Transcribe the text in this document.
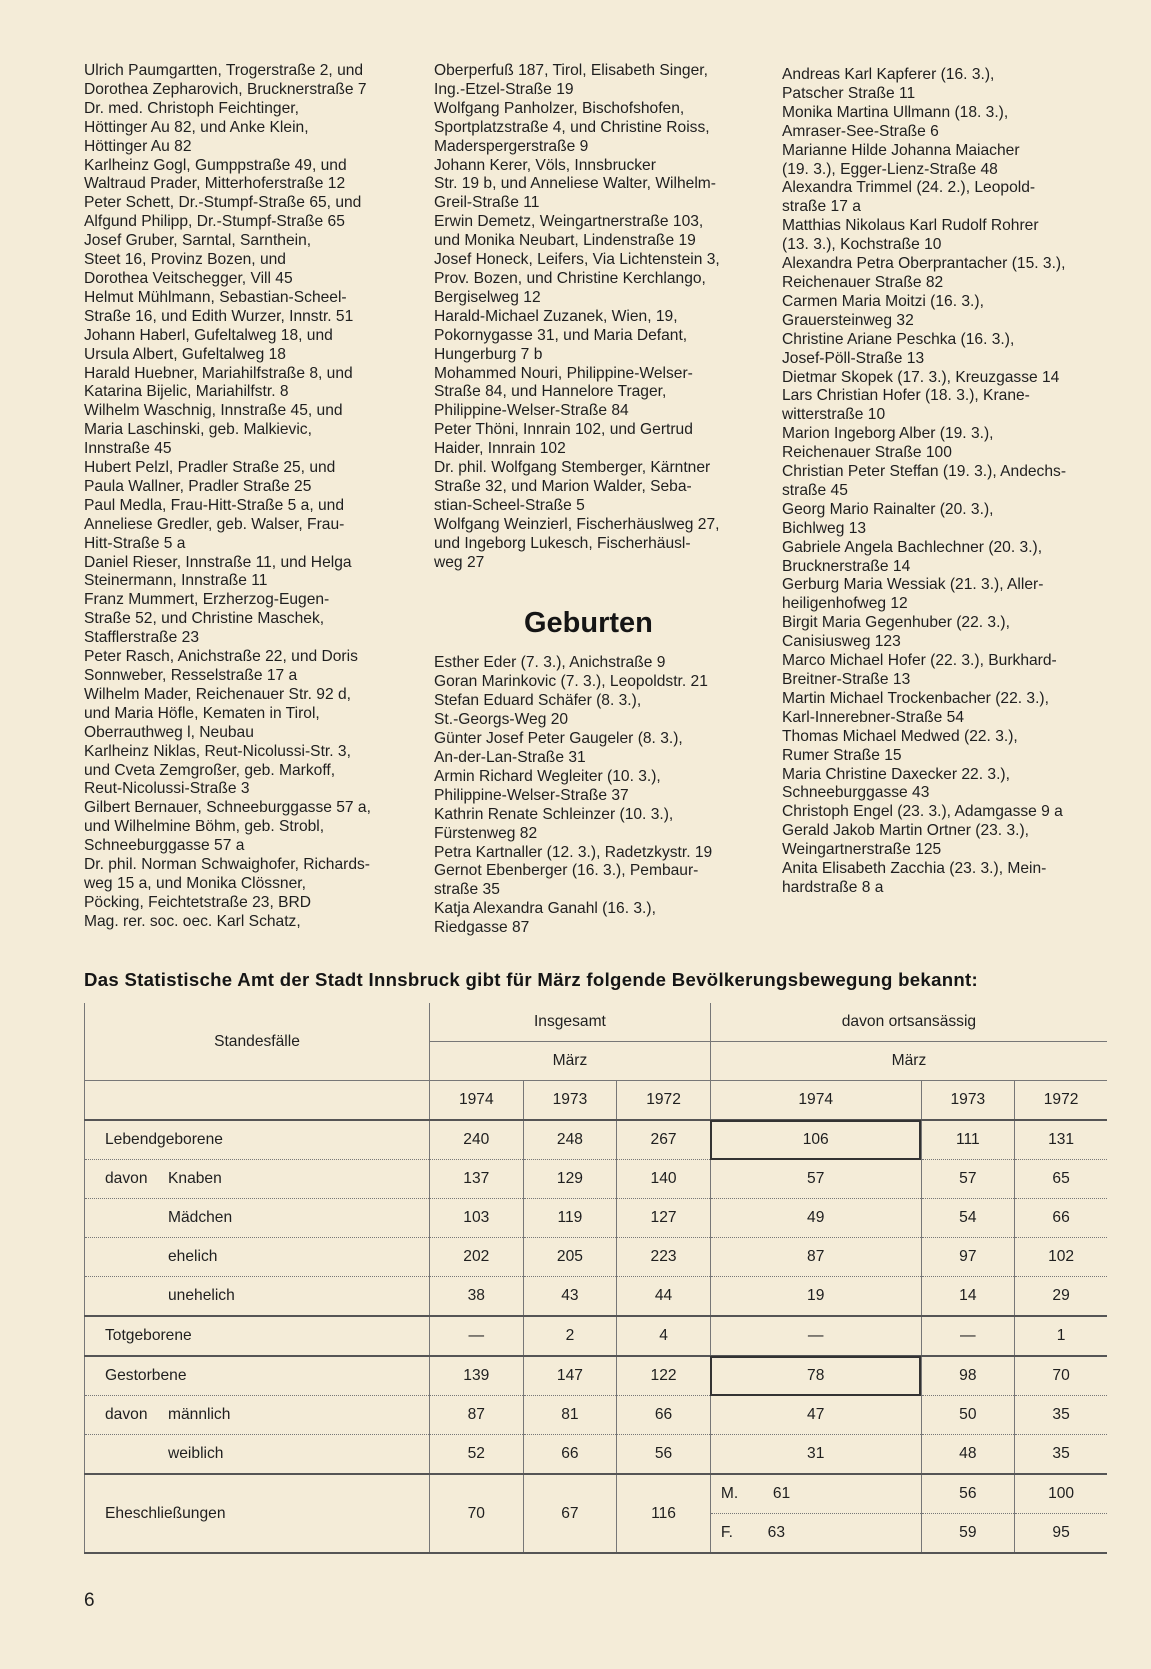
Ulrich Paumgartten, Trogerstraße 2, und
Dorothea Zepharovich, Brucknerstraße 7

Dr. med. Christoph Feichtinger,
Höttinger Au 82, und Anke Klein,
Höttinger Au 82

Karlheinz Gogl, Gumppstraße 49, und
Waltraud Prader, Mitterhoferstraße 12

Peter Schett, Dr.-Stumpf-Straße 65, und
Alfgund Philipp, Dr.-Stumpf-Straße 65

Josef Gruber, Sarntal, Sarnthein,
Steet 16, Provinz Bozen, und
Dorothea Veitschegger, Vill 45

Helmut Mühlmann, Sebastian-Scheel-
Straße 16, und Edith Wurzer, Innstr. 51

Johann Haberl, Gufeltalweg 18, und
Ursula Albert, Gufeltalweg 18

Harald Huebner, Mariahilfstraße 8, und
Katarina Bijelic, Mariahilfstr. 8

Wilhelm Waschnig, Innstraße 45, und
Maria Laschinski, geb. Malkievic,
Innstraße 45

Hubert Pelzl, Pradler Straße 25, und
Paula Wallner, Pradler Straße 25

Paul Medla, Frau-Hitt-Straße 5 a, und
Anneliese Gredler, geb. Walser, Frau-
Hitt-Straße 5 a

Daniel Rieser, Innstraße 11, und Helga
Steinermann, Innstraße 11

Franz Mummert, Erzherzog-Eugen-
Straße 52, und Christine Maschek,
Stafflerstraße 23

Peter Rasch, Anichstraße 22, und Doris
Sonnweber, Resselstraße 17 a

Wilhelm Mader, Reichenauer Str. 92 d,
und Maria Höfle, Kematen in Tirol,
Oberrauthweg l, Neubau

Karlheinz Niklas, Reut-Nicolussi-Str. 3,
und Cveta Zemgroßer, geb. Markoff,
Reut-Nicolussi-Straße 3

Gilbert Bernauer, Schneeburggasse 57 a,
und Wilhelmine Böhm, geb. Strobl,
Schneeburggasse 57 a

Dr. phil. Norman Schwaighofer, Richards-
weg 15 a, und Monika Clössner,
Pöcking, Feichtetstraße 23, BRD

Mag. rer. soc. oec. Karl Schatz,

Oberperfuß 187, Tirol, Elisabeth Singer,
Ing.-Etzel-Straße 19

Wolfgang Panholzer, Bischofshofen,
Sportplatzstraße 4, und Christine Roiss,
Maderspergerstraße 9

Johann Kerer, Völs, Innsbrucker
Str. 19 b, und Anneliese Walter, Wilhelm-
Greil-Straße 11

Erwin Demetz, Weingartnerstraße 103,
und Monika Neubart, Lindenstraße 19

Josef Honeck, Leifers, Via Lichtenstein 3,
Prov. Bozen, und Christine Kerchlango,
Bergiselweg 12

Harald-Michael Zuzanek, Wien, 19,
Pokornygasse 31, und Maria Defant,
Hungerburg 7 b

Mohammed Nouri, Philippine-Welser-
Straße 84, und Hannelore Trager,
Philippine-Welser-Straße 84

Peter Thöni, Innrain 102, und Gertrud
Haider, Innrain 102

Dr. phil. Wolfgang Stemberger, Kärntner
Straße 32, und Marion Walder, Seba-
stian-Scheel-Straße 5

Wolfgang Weinzierl, Fischerhäuslweg 27,
und Ingeborg Lukesch, Fischerhäusl-
weg 27

Geburten

Esther Eder (7. 3.), Anichstraße 9

Goran Marinkovic (7. 3.), Leopoldstr. 21

Stefan Eduard Schäfer (8. 3.),
St.-Georgs-Weg 20

Günter Josef Peter Gaugeler (8. 3.),
An-der-Lan-Straße 31

Armin Richard Wegleiter (10. 3.),
Philippine-Welser-Straße 37

Kathrin Renate Schleinzer (10. 3.),
Fürstenweg 82

Petra Kartnaller (12. 3.), Radetzkystr. 19

Gernot Ebenberger (16. 3.), Pembaur-
straße 35

Katja Alexandra Ganahl (16. 3.),
Riedgasse 87

Andreas Karl Kapferer (16. 3.),
Patscher Straße 11

Monika Martina Ullmann (18. 3.),
Amraser-See-Straße 6

Marianne Hilde Johanna Maiacher
(19. 3.), Egger-Lienz-Straße 48

Alexandra Trimmel (24. 2.), Leopold-
straße 17 a

Matthias Nikolaus Karl Rudolf Rohrer
(13. 3.), Kochstraße 10

Alexandra Petra Oberprantacher (15. 3.),
Reichenauer Straße 82

Carmen Maria Moitzi (16. 3.),
Grauersteinweg 32

Christine Ariane Peschka (16. 3.),
Josef-Pöll-Straße 13

Dietmar Skopek (17. 3.), Kreuzgasse 14

Lars Christian Hofer (18. 3.), Krane-
witterstraße 10

Marion Ingeborg Alber (19. 3.),
Reichenauer Straße 100

Christian Peter Steffan (19. 3.), Andechs-
straße 45

Georg Mario Rainalter (20. 3.),
Bichlweg 13

Gabriele Angela Bachlechner (20. 3.),
Brucknerstraße 14

Gerburg Maria Wessiak (21. 3.), Aller-
heiligenhofweg 12

Birgit Maria Gegenhuber (22. 3.),
Canisiusweg 123

Marco Michael Hofer (22. 3.), Burkhard-
Breitner-Straße 13

Martin Michael Trockenbacher (22. 3.),
Karl-Innerebner-Straße 54

Thomas Michael Medwed (22. 3.),
Rumer Straße 15

Maria Christine Daxecker 22. 3.),
Schneeburggasse 43

Christoph Engel (23. 3.), Adamgasse 9 a

Gerald Jakob Martin Ortner (23. 3.),
Weingartnerstraße 125

Anita Elisabeth Zacchia (23. 3.), Mein-
hardstraße 8 a

Das Statistische Amt der Stadt Innsbruck gibt für März folgende Bevölkerungsbewegung bekannt:
Standesfälle	Insgesamt			davon ortsansässig		
	März			März		
	1974	1973	1972	1974	1973	1972
Lebendgeborene	240	248	267	106	111	131
davon Knaben	137	129	140	57	57	65
Mädchen	103	119	127	49	54	66
ehelich	202	205	223	87	97	102
unehelich	38	43	44	19	14	29
Totgeborene	—	2	4	—	—	1
Gestorbene	139	147	122	78	98	70
davon männlich	87	81	66	47	50	35
weiblich	52	66	56	31	48	35
Eheschließungen	70	67	116	M. 61	56	100
				F. 63	59	95
6
